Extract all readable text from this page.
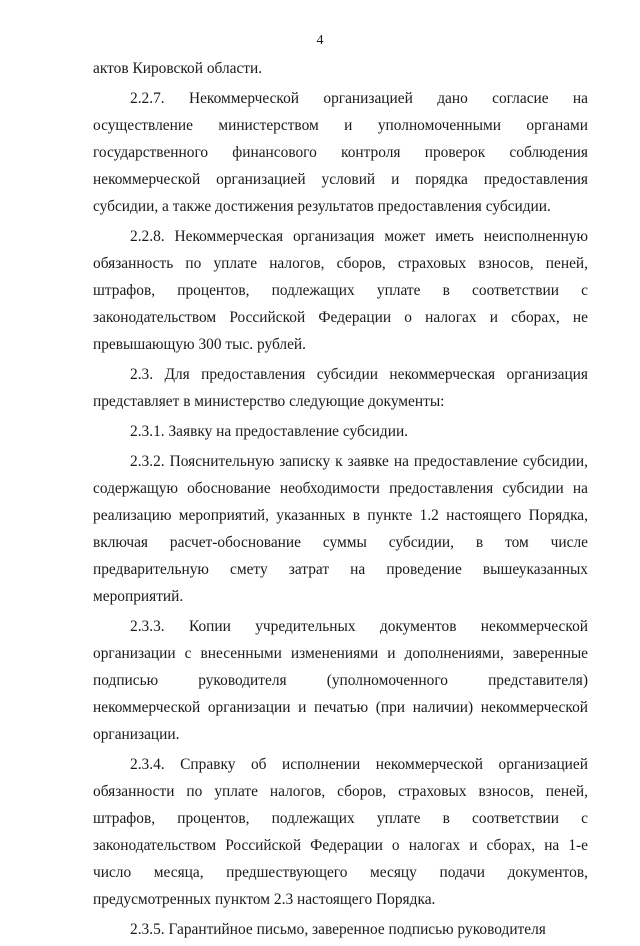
4

актов Кировской области.

2.2.7. Некоммерческой организацией дано согласие на осуществление министерством и уполномоченными органами государственного финансового контроля проверок соблюдения некоммерческой организацией условий и порядка предоставления субсидии, а также достижения результатов предоставления субсидии.

2.2.8. Некоммерческая организация может иметь неисполненную обязанность по уплате налогов, сборов, страховых взносов, пеней, штрафов, процентов, подлежащих уплате в соответствии с законодательством Российской Федерации о налогах и сборах, не превышающую 300 тыс. рублей.

2.3. Для предоставления субсидии некоммерческая организация представляет в министерство следующие документы:

2.3.1. Заявку на предоставление субсидии.

2.3.2. Пояснительную записку к заявке на предоставление субсидии, содержащую обоснование необходимости предоставления субсидии на реализацию мероприятий, указанных в пункте 1.2 настоящего Порядка, включая расчет-обоснование суммы субсидии, в том числе предварительную смету затрат на проведение вышеуказанных мероприятий.

2.3.3. Копии учредительных документов некоммерческой организации с внесенными изменениями и дополнениями, заверенные подписью руководителя (уполномоченного представителя) некоммерческой организации и печатью (при наличии) некоммерческой организации.

2.3.4. Справку об исполнении некоммерческой организацией обязанности по уплате налогов, сборов, страховых взносов, пеней, штрафов, процентов, подлежащих уплате в соответствии с законодательством Российской Федерации о налогах и сборах, на 1-е число месяца, предшествующего месяцу подачи документов, предусмотренных пунктом 2.3 настоящего Порядка.

2.3.5. Гарантийное письмо, заверенное подписью руководителя
